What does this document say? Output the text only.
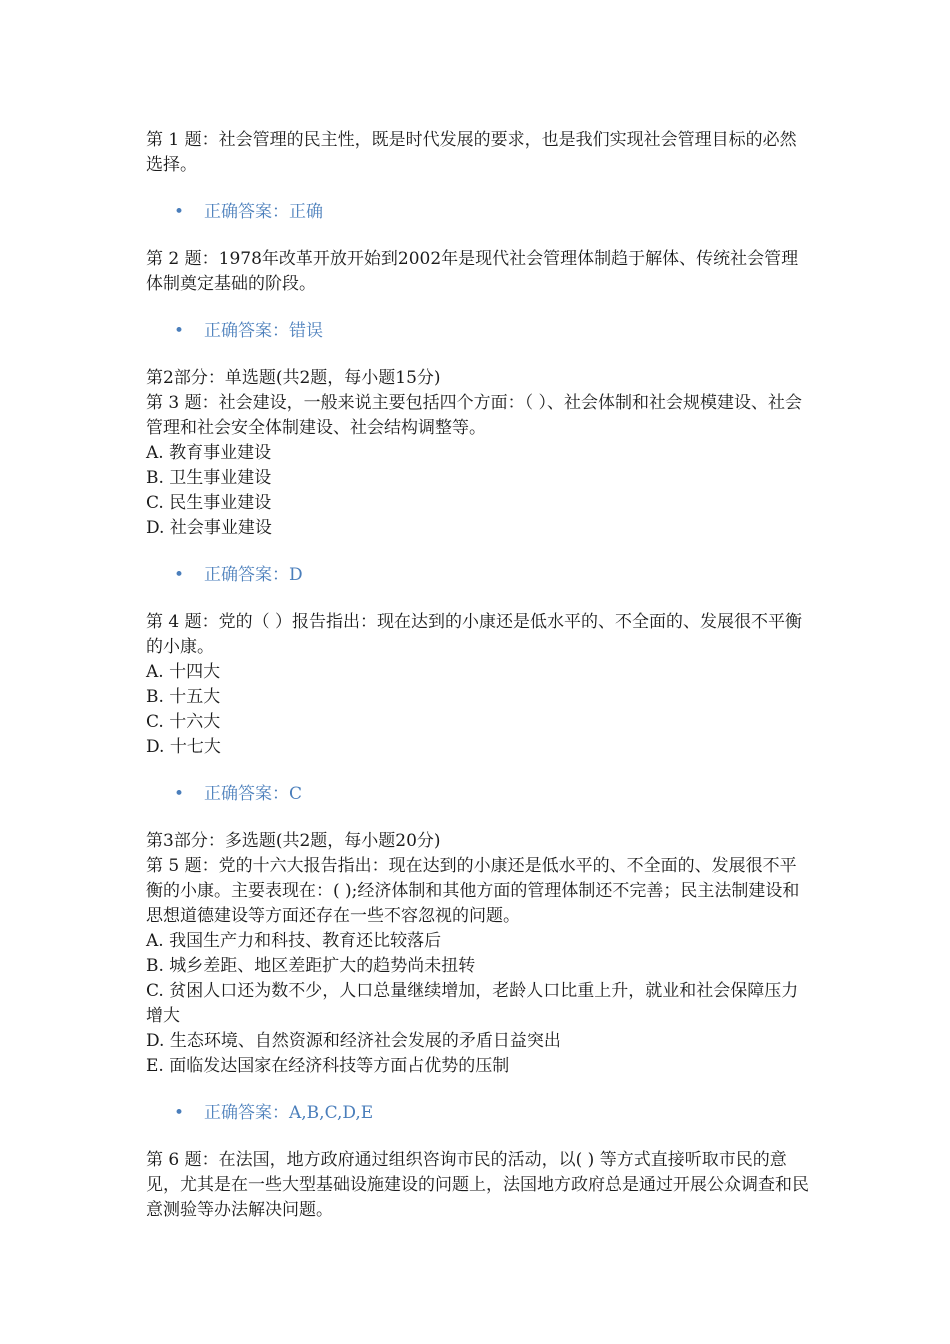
第 1 题：社会管理的民主性，既是时代发展的要求，也是我们实现社会管理目标的必然选择。

• 正确答案：正确

第 2 题：1978年改革开放开始到2002年是现代社会管理体制趋于解体、传统社会管理体制奠定基础的阶段。

• 正确答案：错误

第2部分：单选题(共2题，每小题15分)

第 3 题：社会建设，一般来说主要包括四个方面：（ ）、社会体制和社会规模建设、社会管理和社会安全体制建设、社会结构调整等。

A. 教育事业建设

B. 卫生事业建设

C. 民生事业建设

D. 社会事业建设

• 正确答案：D

第 4 题：党的（ ）报告指出：现在达到的小康还是低水平的、不全面的、发展很不平衡的小康。

A. 十四大

B. 十五大

C. 十六大

D. 十七大

• 正确答案：C

第3部分：多选题(共2题，每小题20分)

第 5 题：党的十六大报告指出：现在达到的小康还是低水平的、不全面的、发展很不平衡的小康。主要表现在：( );经济体制和其他方面的管理体制还不完善；民主法制建设和思想道德建设等方面还存在一些不容忽视的问题。

A. 我国生产力和科技、教育还比较落后

B. 城乡差距、地区差距扩大的趋势尚未扭转

C. 贫困人口还为数不少，人口总量继续增加，老龄人口比重上升，就业和社会保障压力增大

D. 生态环境、自然资源和经济社会发展的矛盾日益突出

E. 面临发达国家在经济科技等方面占优势的压制

• 正确答案：A,B,C,D,E

第 6 题：在法国，地方政府通过组织咨询市民的活动，以( ) 等方式直接听取市民的意见，尤其是在一些大型基础设施建设的问题上，法国地方政府总是通过开展公众调查和民意测验等办法解决问题。
